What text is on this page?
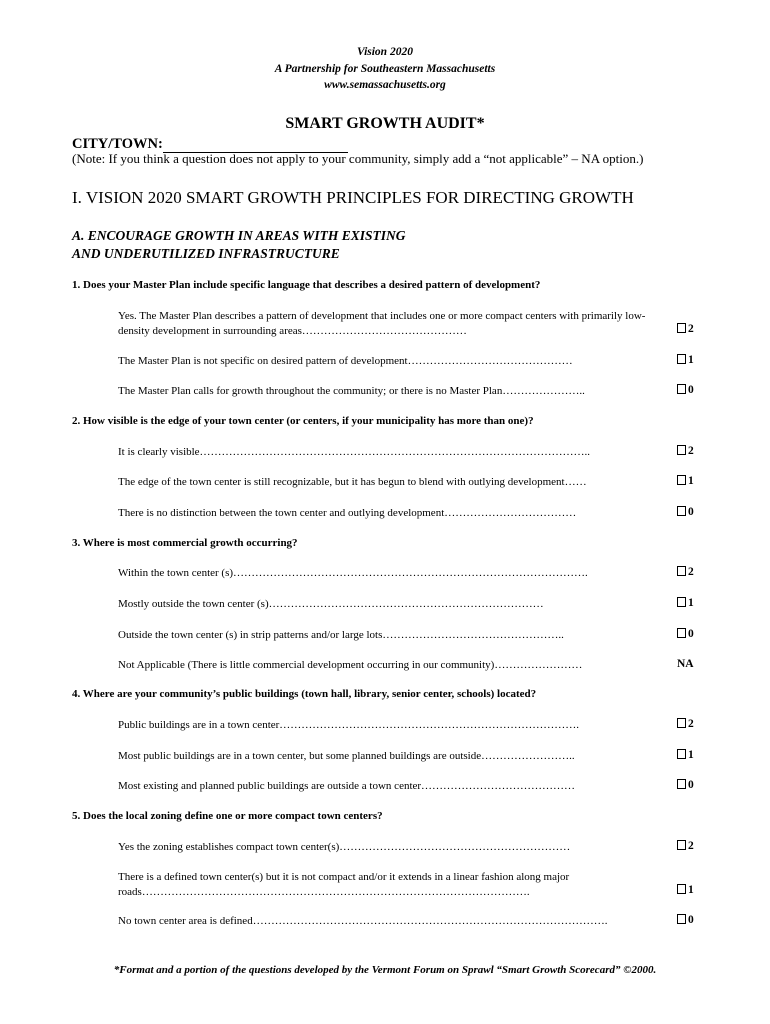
Vision 2020
A Partnership for Southeastern Massachusetts
www.semassachusetts.org
SMART GROWTH AUDIT*
CITY/TOWN:
(Note: If you think a question does not apply to your community, simply add a “not applicable” – NA option.)
I. VISION 2020 SMART GROWTH PRINCIPLES FOR DIRECTING GROWTH
A. ENCOURAGE GROWTH IN AREAS WITH EXISTING
AND UNDERUTILIZED INFRASTRUCTURE
1. Does your Master Plan include specific language that describes a desired pattern of development?
Yes. The Master Plan describes a pattern of development that includes one or more compact centers with primarily low-density development in surrounding areas………………………………………	2
The Master Plan is not specific on desired pattern of development………………………………………	1
The Master Plan calls for growth throughout the community; or there is no Master Plan…………………..	0
2. How visible is the edge of your town center (or centers, if your municipality has more than one)?
It is clearly visible……………………………………………………………………………………………..	2
The edge of the town center is still recognizable, but it has begun to blend with outlying development……	1
There is no distinction between the town center and outlying development………………………………	0
3. Where is most commercial growth occurring?
Within the town center (s)…………………………………………………………………………………….	2
Mostly outside the town center (s)…………………………………………………………………	1
Outside the town center (s) in strip patterns and/or large lots…………………………………………..	0
Not Applicable (There is little commercial development occurring in our community)……………………	NA
4. Where are your community’s public buildings (town hall, library, senior center, schools) located?
Public buildings are in a town center……………………………………………………………………….	2
Most public buildings are in a town center, but some planned buildings are outside……………………..	1
Most existing and planned public buildings are outside a town center……………………………………	0
5. Does the local zoning define one or more compact town centers?
Yes the zoning establishes compact town center(s)………………………………………………………	2
There is a defined town center(s) but it is not compact and/or it extends in a linear fashion along major roads…………………………………………………………………………………………….	1
No town center area is defined…………………………………………………………………………………….	0
*Format and a portion of the questions developed by the Vermont Forum on Sprawl “Smart Growth Scorecard” ©2000.
